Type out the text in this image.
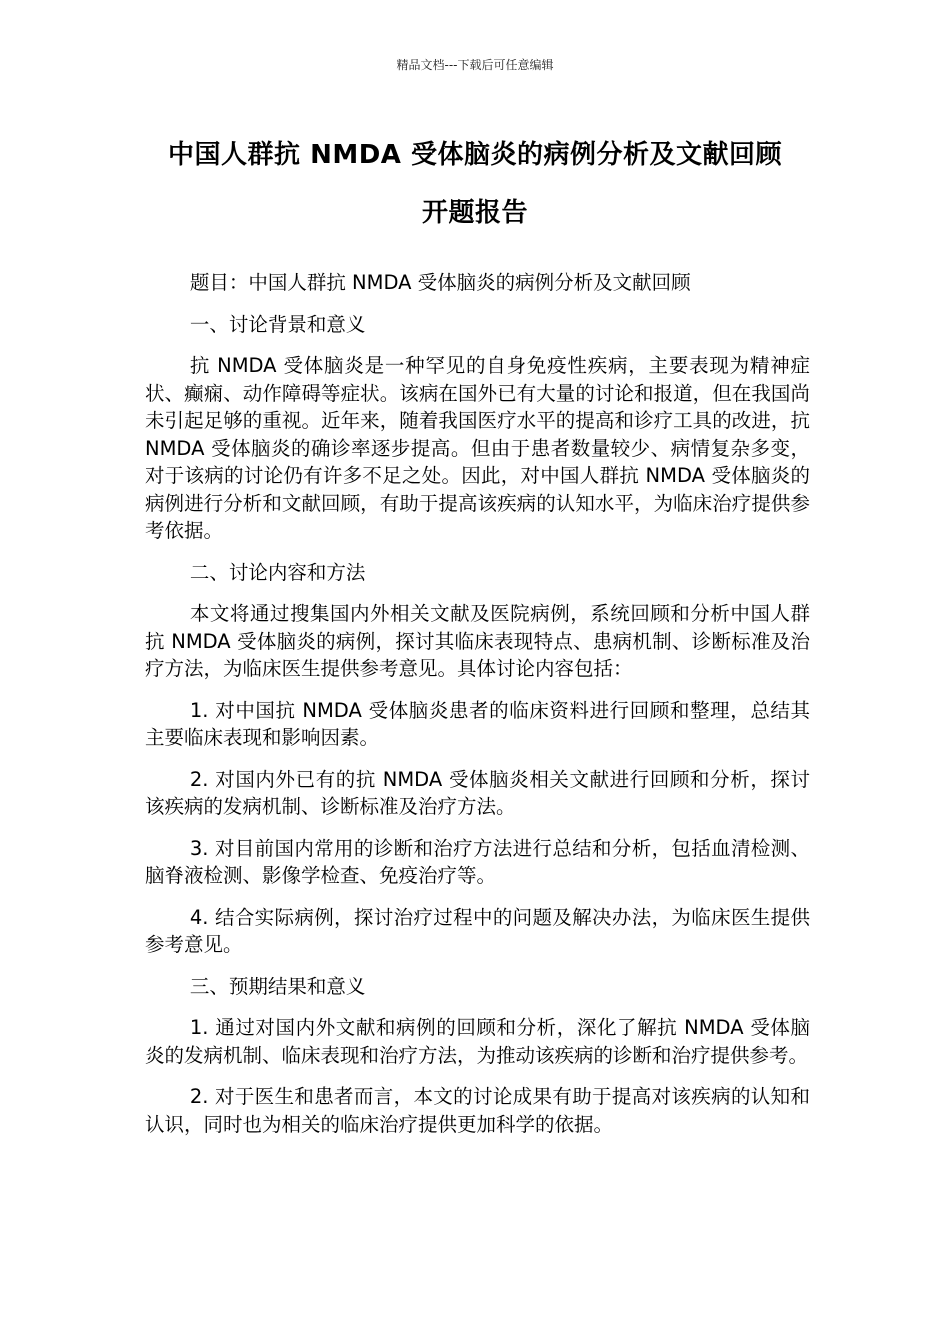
精品文档---下载后可任意编辑
中国人群抗 NMDA 受体脑炎的病例分析及文献回顾
开题报告

题目：中国人群抗 NMDA 受体脑炎的病例分析及文献回顾

一、讨论背景和意义

抗 NMDA 受体脑炎是一种罕见的自身免疫性疾病，主要表现为精神症状、癫痫、动作障碍等症状。该病在国外已有大量的讨论和报道，但在我国尚未引起足够的重视。近年来，随着我国医疗水平的提高和诊疗工具的改进，抗 NMDA 受体脑炎的确诊率逐步提高。但由于患者数量较少、病情复杂多变，对于该病的讨论仍有许多不足之处。因此，对中国人群抗 NMDA 受体脑炎的病例进行分析和文献回顾，有助于提高该疾病的认知水平，为临床治疗提供参考依据。

二、讨论内容和方法

本文将通过搜集国内外相关文献及医院病例，系统回顾和分析中国人群抗 NMDA 受体脑炎的病例，探讨其临床表现特点、患病机制、诊断标准及治疗方法，为临床医生提供参考意见。具体讨论内容包括：

1. 对中国抗 NMDA 受体脑炎患者的临床资料进行回顾和整理，总结其主要临床表现和影响因素。

2. 对国内外已有的抗 NMDA 受体脑炎相关文献进行回顾和分析，探讨该疾病的发病机制、诊断标准及治疗方法。

3. 对目前国内常用的诊断和治疗方法进行总结和分析，包括血清检测、脑脊液检测、影像学检查、免疫治疗等。

4. 结合实际病例，探讨治疗过程中的问题及解决办法，为临床医生提供参考意见。

三、预期结果和意义

1. 通过对国内外文献和病例的回顾和分析，深化了解抗 NMDA 受体脑炎的发病机制、临床表现和治疗方法，为推动该疾病的诊断和治疗提供参考。

2. 对于医生和患者而言，本文的讨论成果有助于提高对该疾病的认知和认识，同时也为相关的临床治疗提供更加科学的依据。
